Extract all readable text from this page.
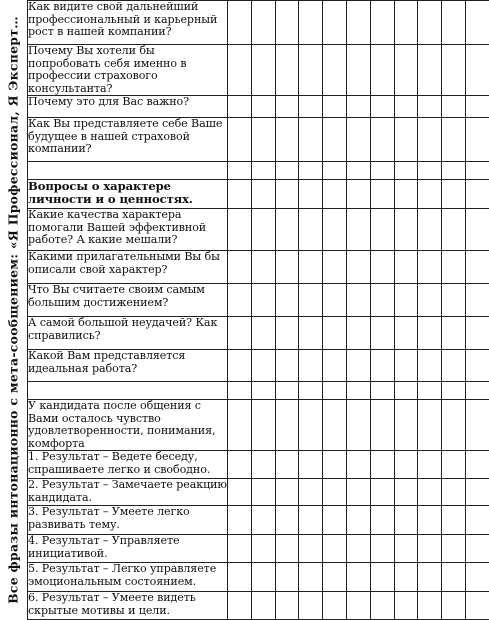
Все фразы интонационно с мета-сообщением: «Я Профессионал, Я Эксперт…
Как видите свой дальнейший профессиональный и карьерный рост в нашей компании?											
Почему Вы хотели бы попробовать себя именно в профессии страхового консультанта?											
Почему это для Вас важно?											
Как Вы представляете себе Ваше будущее в нашей страховой компании?											

Вопросы о характере личности и о ценностях.											
Какие качества характера помогали Вашей эффективной работе? А какие мешали?											
Какими прилагательными Вы бы описали свой характер?											
Что Вы считаете своим самым большим достижением?											
А самой большой неудачей? Как справились?											
Какой Вам представляется идеальная работа?											

У кандидата после общения с Вами осталось чувство удовлетворенности, понимания, комфорта											
1. Результат – Ведете беседу, спрашиваете легко и свободно.											
2. Результат – Замечаете реакцию кандидата.											
3. Результат – Умеете легко развивать тему.											
4. Результат – Управляете инициативой.											
5. Результат – Легко управляете эмоциональным состоянием.											
6. Результат – Умеете видеть скрытые мотивы и цели.											
